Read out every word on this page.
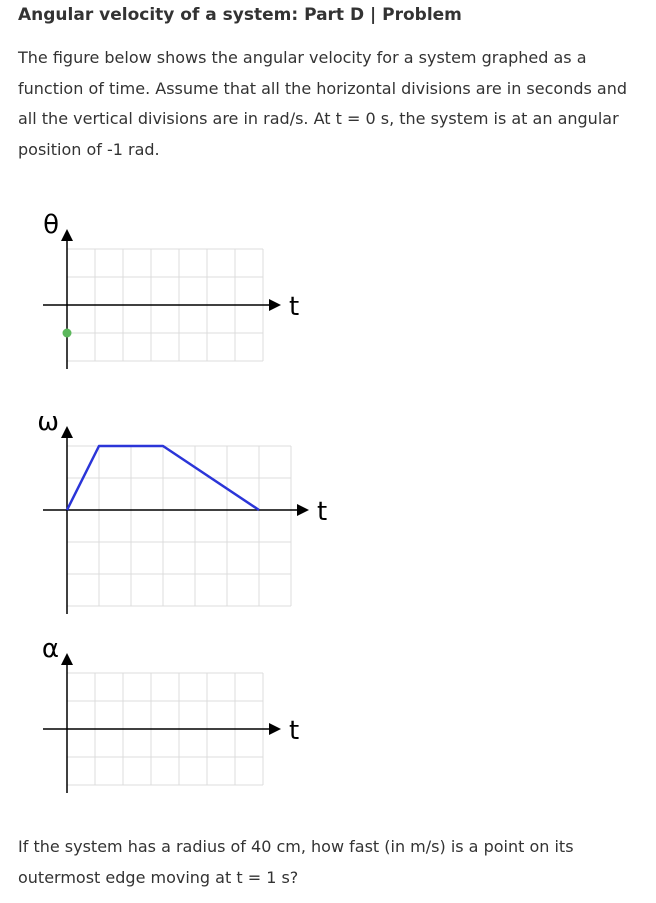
Angular velocity of a system: Part D | Problem
The figure below shows the angular velocity for a system graphed as a function of time. Assume that all the horizontal divisions are in seconds and all the vertical divisions are in rad/s. At t = 0 s, the system is at an angular position of -1 rad.
θ
t
ω
t
α
t
If the system has a radius of 40 cm, how fast (in m/s) is a point on its outermost edge moving at t = 1 s?
